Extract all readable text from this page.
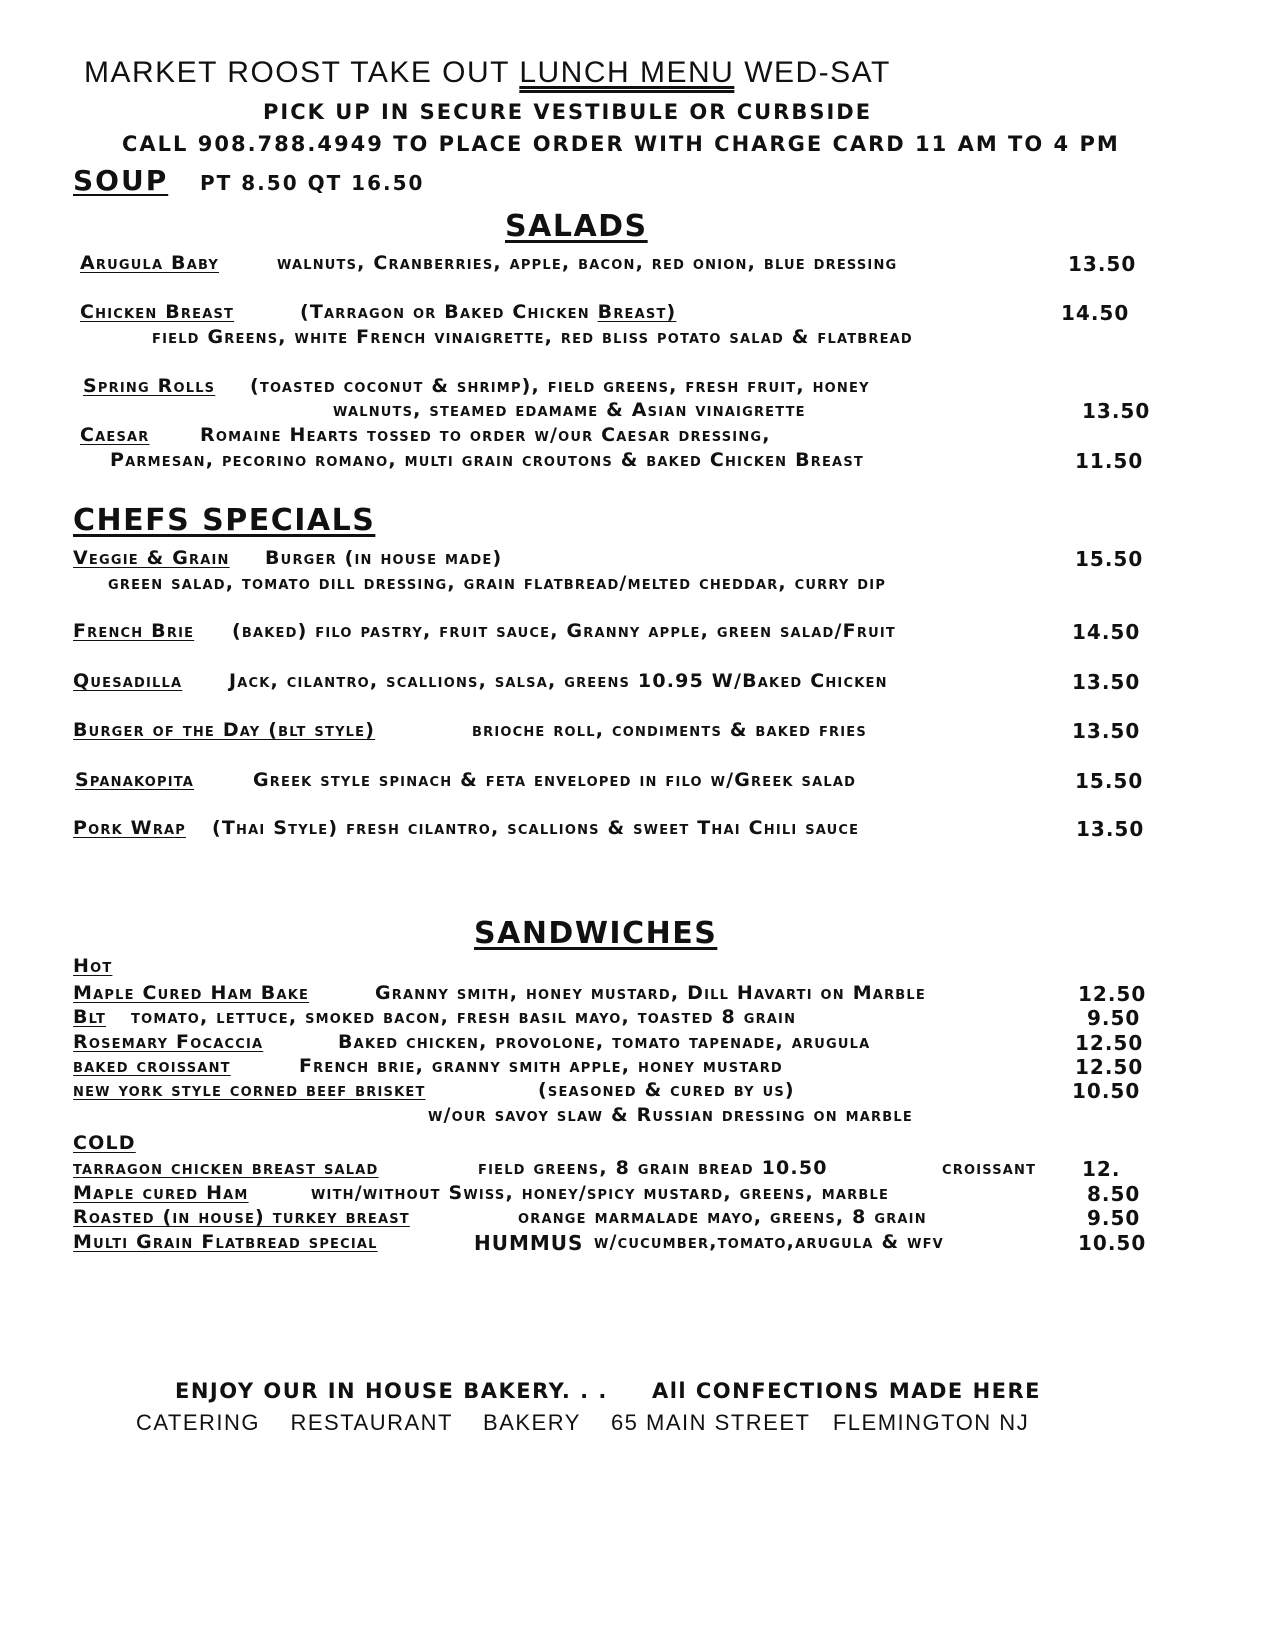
MARKET ROOST TAKE OUT LUNCH MENU WED-SAT
PICK UP IN SECURE VESTIBULE OR CURBSIDE
CALL 908.788.4949 TO PLACE ORDER WITH CHARGE CARD 11 AM TO 4 PM
SOUP PT 8.50 QT 16.50
SALADS
Arugula Baby	walnuts, Cranberries, apple, bacon, red onion, blue dressing	13.50
Chicken Breast	(Tarragon or Baked Chicken Breast)	14.50
field Greens, white French vinaigrette, red bliss potato salad & flatbread
Spring Rolls (toasted coconut & shrimp), field greens, fresh fruit, honey
walnuts, steamed edamame & Asian vinaigrette	13.50
Caesar	Romaine Hearts tossed to order w/our Caesar dressing,
Parmesan, pecorino romano, multi grain croutons & baked Chicken Breast	11.50
CHEFS SPECIALS
Veggie & Grain Burger (in house made)	15.50
green salad, tomato dill dressing, grain flatbread/melted cheddar, curry dip
French Brie (baked) filo pastry, fruit sauce, Granny apple, green salad/Fruit	14.50
Quesadilla Jack, cilantro, scallions, salsa, greens 10.95 W/Baked Chicken	13.50
Burger of the Day (blt style)	brioche roll, condiments & baked fries	13.50
Spanakopita	Greek style spinach & feta enveloped in filo w/Greek salad	15.50
Pork Wrap (Thai Style) fresh cilantro, scallions & sweet Thai Chili sauce	13.50
SANDWICHES
Hot
Maple Cured Ham Bake	Granny smith, honey mustard, Dill Havarti on Marble	12.50
Blt tomato, lettuce, smoked bacon, fresh basil mayo, toasted 8 grain	9.50
Rosemary Focaccia	Baked chicken, provolone, tomato tapenade, arugula	12.50
baked croissant	French brie, granny smith apple, honey mustard	12.50
new york style corned beef brisket	(seasoned & cured by us)	10.50
w/our savoy slaw & Russian dressing on marble
COLD
tarragon chicken breast salad	field greens, 8 grain bread 10.50	croissant 12.
Maple cured Ham	with/without Swiss, honey/spicy mustard, greens, marble	8.50
Roasted (in house) turkey breast	orange marmalade mayo, greens, 8 grain	9.50
Multi Grain Flatbread special	HUMMUS w/cucumber,tomato,arugula & wfv	10.50
ENJOY OUR IN HOUSE BAKERY. . .     All CONFECTIONS MADE HERE
CATERING    RESTAURANT    BAKERY    65 MAIN STREET   FLEMINGTON NJ
